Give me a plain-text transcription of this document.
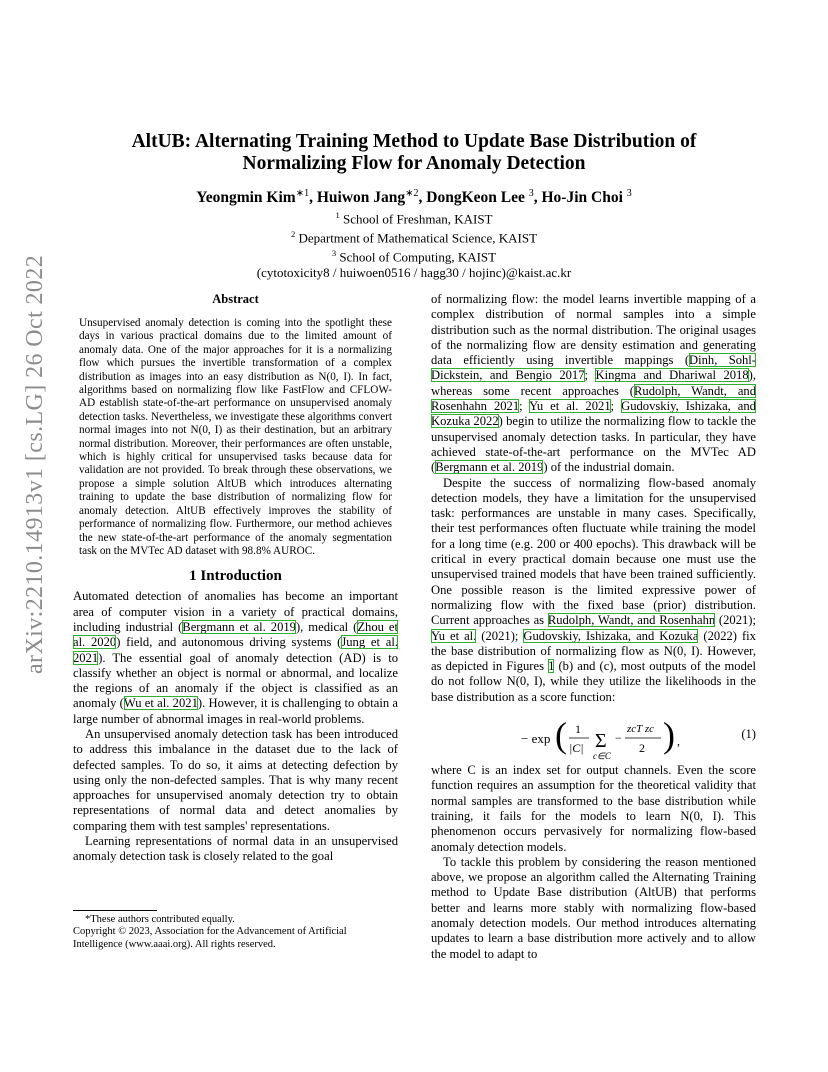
arXiv:2210.14913v1 [cs.LG] 26 Oct 2022
AltUB: Alternating Training Method to Update Base Distribution of
Normalizing Flow for Anomaly Detection
Yeongmin Kim$^{∗1}$, Huiwon Jang$^{∗2}$, DongKeon Lee $^3$, Ho-Jin Choi $^3$
$^1$ School of Freshman, KAIST
$^2$ Department of Mathematical Science, KAIST
$^3$ School of Computing, KAIST
(cytotoxicity8 / huiwoen0516 / hagg30 / hojinc)@kaist.ac.kr
Abstract
Unsupervised anomaly detection is coming into the spotlight these days in various practical domains due to the limited amount of anomaly data. One of the major approaches for it is a normalizing flow which pursues the invertible transformation of a complex distribution as images into an easy distribution as N(0, I). In fact, algorithms based on normalizing flow like FastFlow and CFLOW-AD establish state-of-the-art performance on unsupervised anomaly detection tasks. Nevertheless, we investigate these algorithms convert normal images into not N(0, I) as their destination, but an arbitrary normal distribution. Moreover, their performances are often unstable, which is highly critical for unsupervised tasks because data for validation are not provided. To break through these observations, we propose a simple solution AltUB which introduces alternating training to update the base distribution of normalizing flow for anomaly detection. AltUB effectively improves the stability of performance of normalizing flow. Furthermore, our method achieves the new state-of-the-art performance of the anomaly segmentation task on the MVTec AD dataset with 98.8% AUROC.
1 Introduction

Automated detection of anomalies has become an important area of computer vision in a variety of practical domains, including industrial (Bergmann et al. 2019), medical (Zhou et al. 2020) field, and autonomous driving systems (Jung et al. 2021). The essential goal of anomaly detection (AD) is to classify whether an object is normal or abnormal, and localize the regions of an anomaly if the object is classified as an anomaly (Wu et al. 2021). However, it is challenging to obtain a large number of abnormal images in real-world problems.

An unsupervised anomaly detection task has been introduced to address this imbalance in the dataset due to the lack of defected samples. To do so, it aims at detecting defection by using only the non-defected samples. That is why many recent approaches for unsupervised anomaly detection try to obtain representations of normal data and detect anomalies by comparing them with test samples' representations.

Learning representations of normal data in an unsupervised anomaly detection task is closely related to the goal

*These authors contributed equally.
Copyright © 2023, Association for the Advancement of Artificial Intelligence (www.aaai.org). All rights reserved.

of normalizing flow: the model learns invertible mapping of a complex distribution of normal samples into a simple distribution such as the normal distribution. The original usages of the normalizing flow are density estimation and generating data efficiently using invertible mappings (Dinh, Sohl-Dickstein, and Bengio 2017; Kingma and Dhariwal 2018), whereas some recent approaches (Rudolph, Wandt, and Rosenhahn 2021; Yu et al. 2021; Gudovskiy, Ishizaka, and Kozuka 2022) begin to utilize the normalizing flow to tackle the unsupervised anomaly detection tasks. In particular, they have achieved state-of-the-art performance on the MVTec AD (Bergmann et al. 2019) of the industrial domain.

Despite the success of normalizing flow-based anomaly detection models, they have a limitation for the unsupervised task: performances are unstable in many cases. Specifically, their test performances often fluctuate while training the model for a long time (e.g. 200 or 400 epochs). This drawback will be critical in every practical domain because one must use the unsupervised trained models that have been trained sufficiently. One possible reason is the limited expressive power of normalizing flow with the fixed base (prior) distribution. Current approaches as Rudolph, Wandt, and Rosenhahn (2021); Yu et al. (2021); Gudovskiy, Ishizaka, and Kozuka (2022) fix the base distribution of normalizing flow as N(0, I). However, as depicted in Figures 1 (b) and (c), most outputs of the model do not follow N(0, I), while they utilize the likelihoods in the base distribution as a score function:

− exp ( 1
|C| Σ
c∈C
−
zcT zc
2 ) ,	(1)

where C is an index set for output channels. Even the score function requires an assumption for the theoretical validity that normal samples are transformed to the base distribution while training, it fails for the models to learn N(0, I). This phenomenon occurs pervasively for normalizing flow-based anomaly detection models.

To tackle this problem by considering the reason mentioned above, we propose an algorithm called the Alternating Training method to Update Base distribution (AltUB) that performs better and learns more stably with normalizing flow-based anomaly detection models. Our method introduces alternating updates to learn a base distribution more actively and to allow the model to adapt to
